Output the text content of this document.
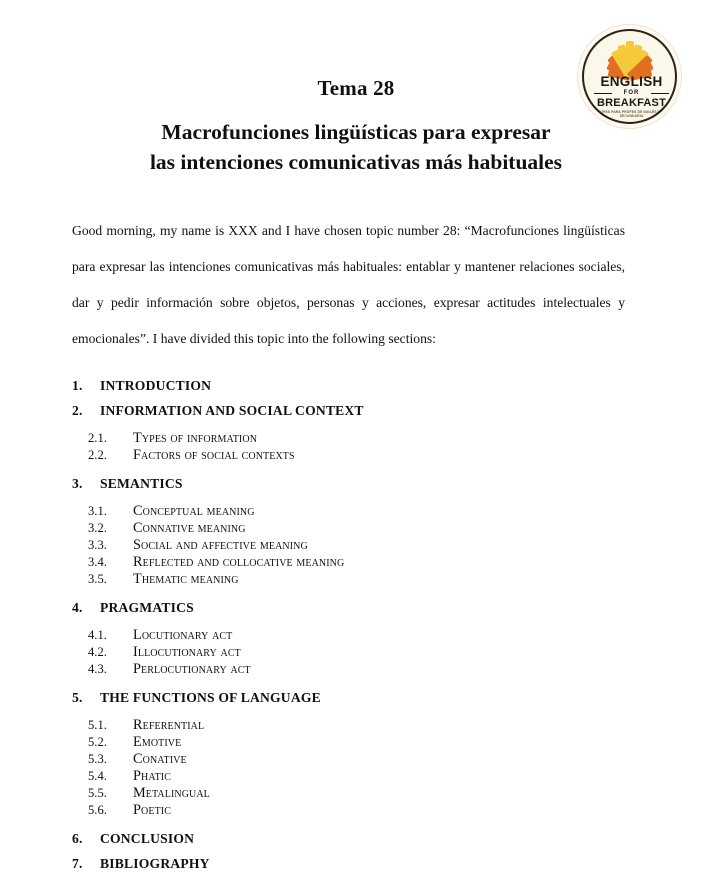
ENGLISH
FOR
BREAKFAST
OPAS PARA PROFES DE INGLÉS DE SECUNDARIA
Tema 28
Macrofunciones lingüísticas para expresar
las intenciones comunicativas más habituales

Good morning, my name is XXX and I have chosen topic number 28: “Macrofunciones lingüísticas para expresar las intenciones comunicativas más habituales: entablar y mantener relaciones sociales, dar y pedir información sobre objetos, personas y acciones, expresar actitudes intelectuales y emocionales”. I have divided this topic into the following sections:

1.	INTRODUCTION
2.	INFORMATION AND SOCIAL CONTEXT
2.1.	Types of information
2.2.	Factors of social contexts
3.	SEMANTICS
3.1.	Conceptual meaning
3.2.	Connative meaning
3.3.	Social and affective meaning
3.4.	Reflected and collocative meaning
3.5.	Thematic meaning
4.	PRAGMATICS
4.1.	Locutionary act
4.2.	Illocutionary act
4.3.	Perlocutionary act
5.	THE FUNCTIONS OF LANGUAGE
5.1.	Referential
5.2.	Emotive
5.3.	Conative
5.4.	Phatic
5.5.	Metalingual
5.6.	Poetic
6.	CONCLUSION
7.	BIBLIOGRAPHY
